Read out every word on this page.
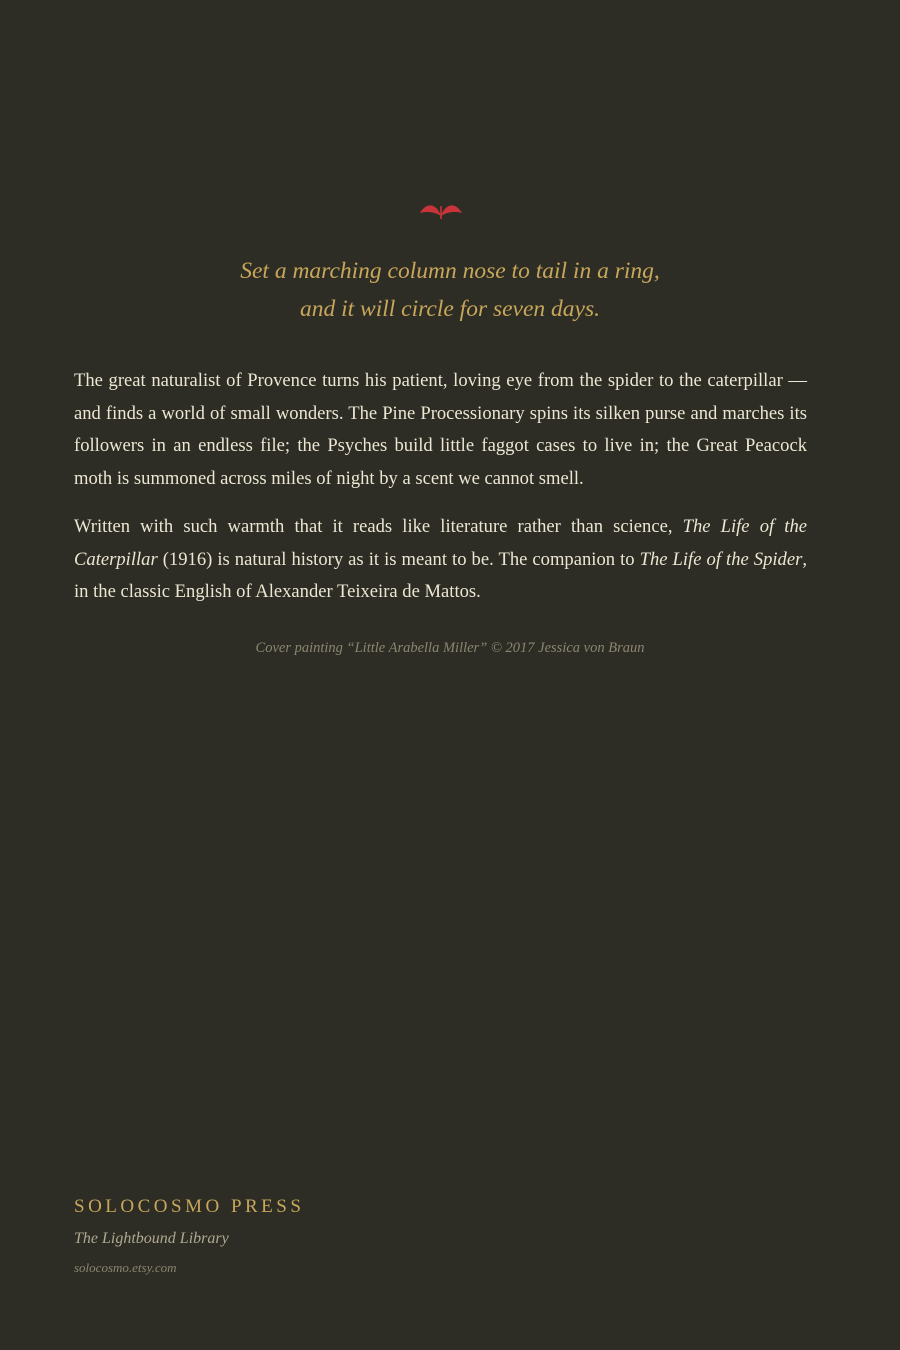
Set a marching column nose to tail in a ring,
and it will circle for seven days.

The great naturalist of Provence turns his patient, loving eye from the spider to the caterpillar — and finds a world of small wonders. The Pine Processionary spins its silken purse and marches its followers in an endless file; the Psyches build little faggot cases to live in; the Great Peacock moth is summoned across miles of night by a scent we cannot smell.

Written with such warmth that it reads like literature rather than science, The Life of the Caterpillar (1916) is natural history as it is meant to be. The companion to The Life of the Spider, in the classic English of Alexander Teixeira de Mattos.

Cover painting “Little Arabella Miller” © 2017 Jessica von Braun
SOLOCOSMO PRESS
The Lightbound Library
solocosmo.etsy.com
